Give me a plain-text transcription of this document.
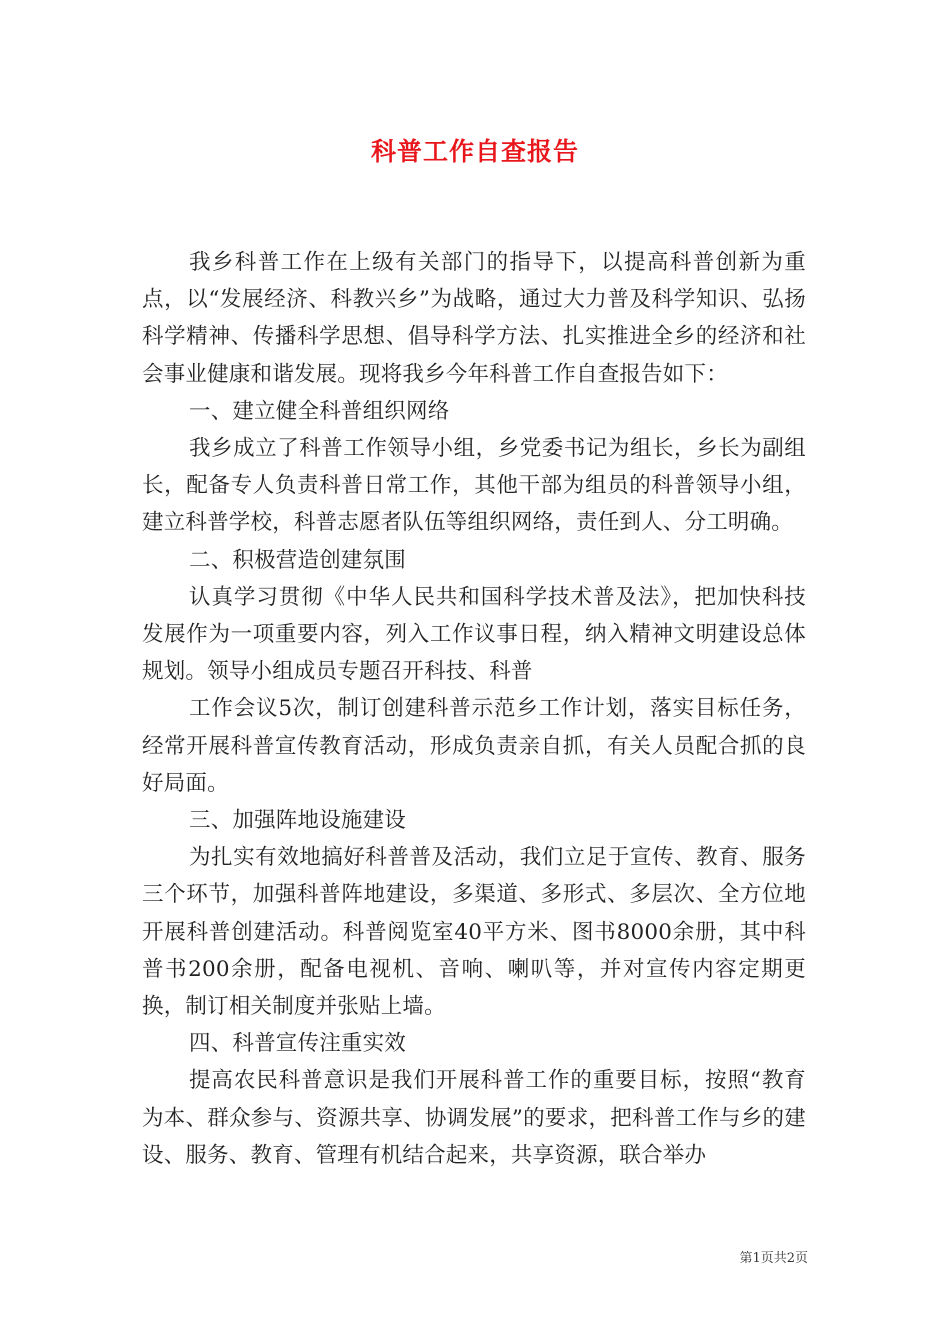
科普工作自查报告

我乡科普工作在上级有关部门的指导下，以提高科普创新为重点，以“发展经济、科教兴乡”为战略，通过大力普及科学知识、弘扬科学精神、传播科学思想、倡导科学方法、扎实推进全乡的经济和社会事业健康和谐发展。现将我乡今年科普工作自查报告如下：

一、建立健全科普组织网络

我乡成立了科普工作领导小组，乡党委书记为组长，乡长为副组长，配备专人负责科普日常工作，其他干部为组员的科普领导小组，建立科普学校，科普志愿者队伍等组织网络，责任到人、分工明确。

二、积极营造创建氛围

认真学习贯彻《中华人民共和国科学技术普及法》，把加快科技发展作为一项重要内容，列入工作议事日程，纳入精神文明建设总体规划。领导小组成员专题召开科技、科普

工作会议5次，制订创建科普示范乡工作计划，落实目标任务，经常开展科普宣传教育活动，形成负责亲自抓，有关人员配合抓的良好局面。

三、加强阵地设施建设

为扎实有效地搞好科普普及活动，我们立足于宣传、教育、服务三个环节，加强科普阵地建设，多渠道、多形式、多层次、全方位地开展科普创建活动。科普阅览室40平方米、图书8000余册，其中科普书200余册，配备电视机、音响、喇叭等，并对宣传内容定期更换，制订相关制度并张贴上墙。

四、科普宣传注重实效

提高农民科普意识是我们开展科普工作的重要目标，按照“教育为本、群众参与、资源共享、协调发展”的要求，把科普工作与乡的建设、服务、教育、管理有机结合起来，共享资源，联合举办

第1页共2页
